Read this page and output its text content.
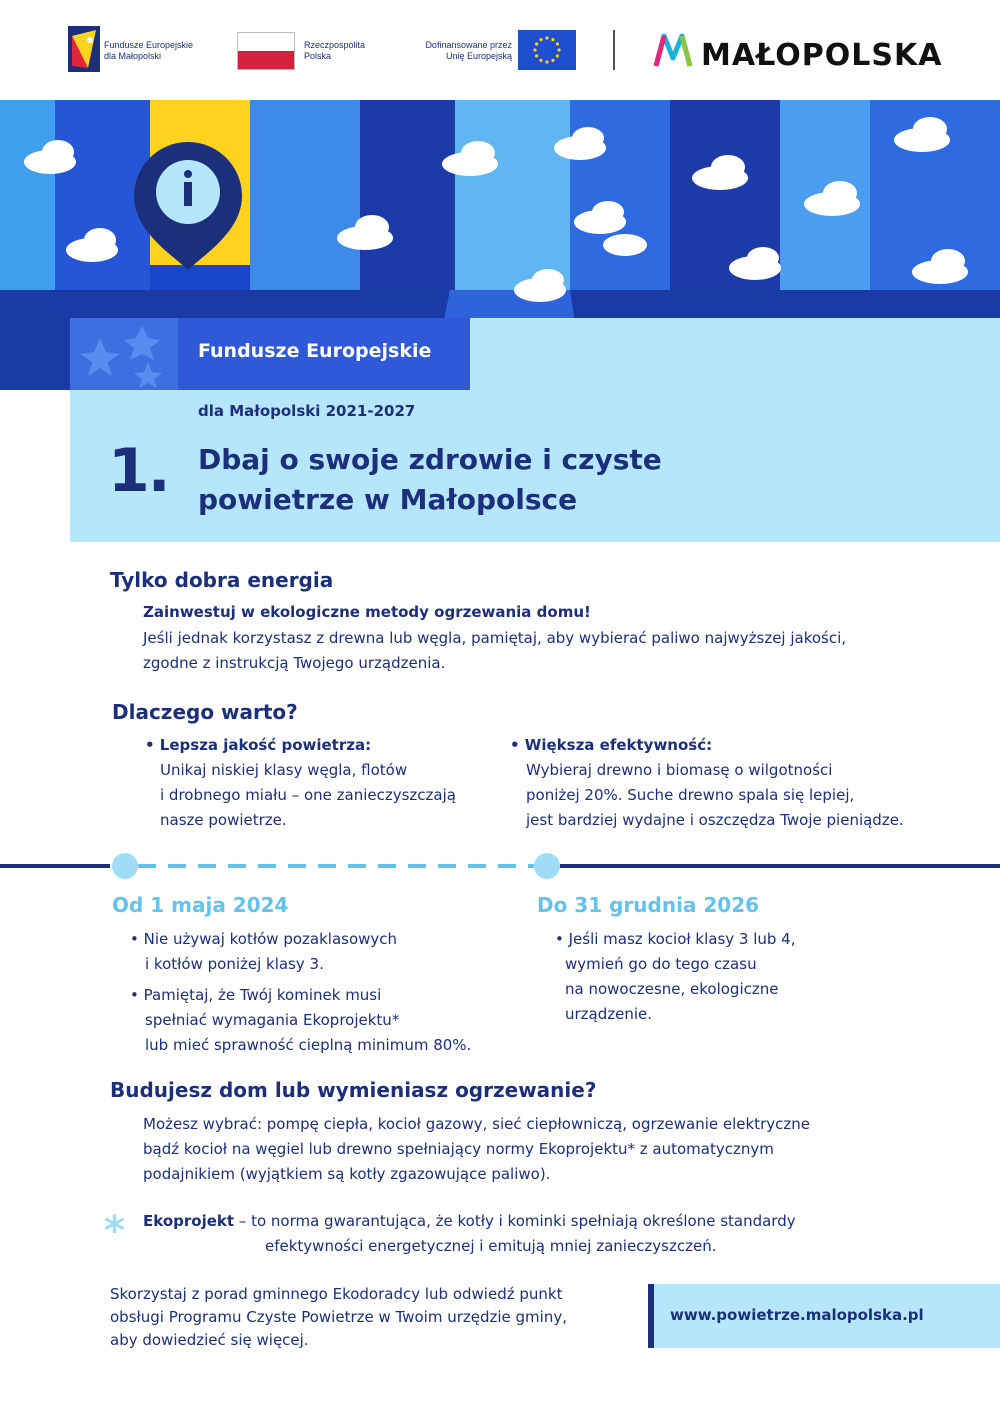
Fundusze Europejskie
dla Małopolski
Rzeczpospolita
Polska
Dofinansowane przez
Unię Europejską	MAŁOPOLSKA
Fundusze Europejskie
dla Małopolski 2021-2027
1. Dbaj o swoje zdrowie i czyste
powietrze w Małopolsce
Tylko dobra energia
Zainwestuj w ekologiczne metody ogrzewania domu!
Jeśli jednak korzystasz z drewna lub węgla, pamiętaj, aby wybierać paliwo najwyższej jakości,
zgodne z instrukcją Twojego urządzenia.
Dlaczego warto?
• Lepsza jakość powietrza:
Unikaj niskiej klasy węgla, flotów
i drobnego miału – one zanieczyszczają
nasze powietrze.
• Większa efektywność:
Wybieraj drewno i biomasę o wilgotności
poniżej 20%. Suche drewno spala się lepiej,
jest bardziej wydajne i oszczędza Twoje pieniądze.
Od 1 maja 2024
• Nie używaj kotłów pozaklasowych
i kotłów poniżej klasy 3.
• Pamiętaj, że Twój kominek musi
spełniać wymagania Ekoprojektu*
lub mieć sprawność cieplną minimum 80%.
Do 31 grudnia 2026
• Jeśli masz kocioł klasy 3 lub 4,
wymień go do tego czasu
na nowoczesne, ekologiczne
urządzenie.
Budujesz dom lub wymieniasz ogrzewanie?
Możesz wybrać: pompę ciepła, kocioł gazowy, sieć ciepłowniczą, ogrzewanie elektryczne
bądź kocioł na węgiel lub drewno spełniający normy Ekoprojektu* z automatycznym
podajnikiem (wyjątkiem są kotły zgazowujące paliwo).
* Ekoprojekt – to norma gwarantująca, że kotły i kominki spełniają określone standardy
efektywności energetycznej i emitują mniej zanieczyszczeń.
Skorzystaj z porad gminnego Ekodoradcy lub odwiedź punkt
obsługi Programu Czyste Powietrze w Twoim urzędzie gminy,
aby dowiedzieć się więcej.
www.powietrze.malopolska.pl
